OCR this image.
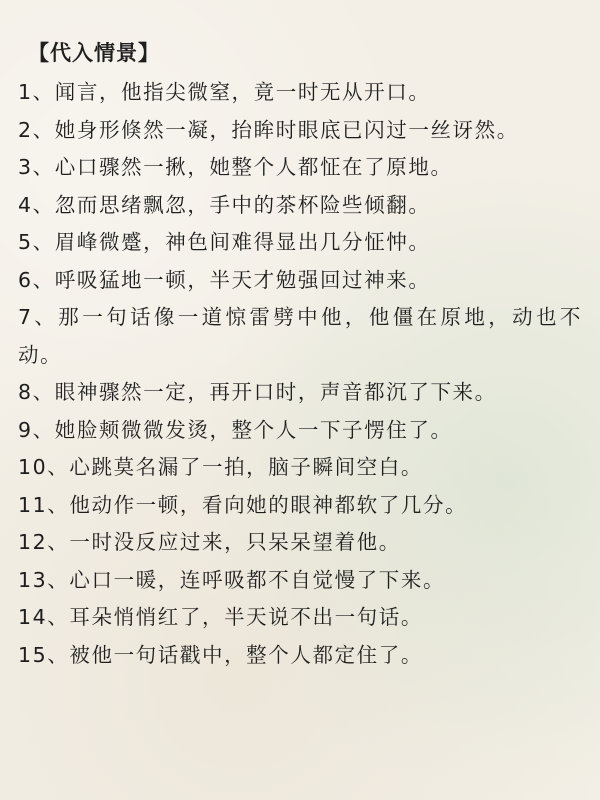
【代入情景】
1、闻言，他指尖微窒，竟一时无从开口。
2、她身形倏然一凝，抬眸时眼底已闪过一丝讶然。
3、心口骤然一揪，她整个人都怔在了原地。
4、忽而思绪飘忽，手中的茶杯险些倾翻。
5、眉峰微蹙，神色间难得显出几分怔忡。
6、呼吸猛地一顿，半天才勉强回过神来。
7、那一句话像一道惊雷劈中他，他僵在原地，动也不动。
8、眼神骤然一定，再开口时，声音都沉了下来。
9、她脸颊微微发烫，整个人一下子愣住了。
10、心跳莫名漏了一拍，脑子瞬间空白。
11、他动作一顿，看向她的眼神都软了几分。
12、一时没反应过来，只呆呆望着他。
13、心口一暖，连呼吸都不自觉慢了下来。
14、耳朵悄悄红了，半天说不出一句话。
15、被他一句话戳中，整个人都定住了。
